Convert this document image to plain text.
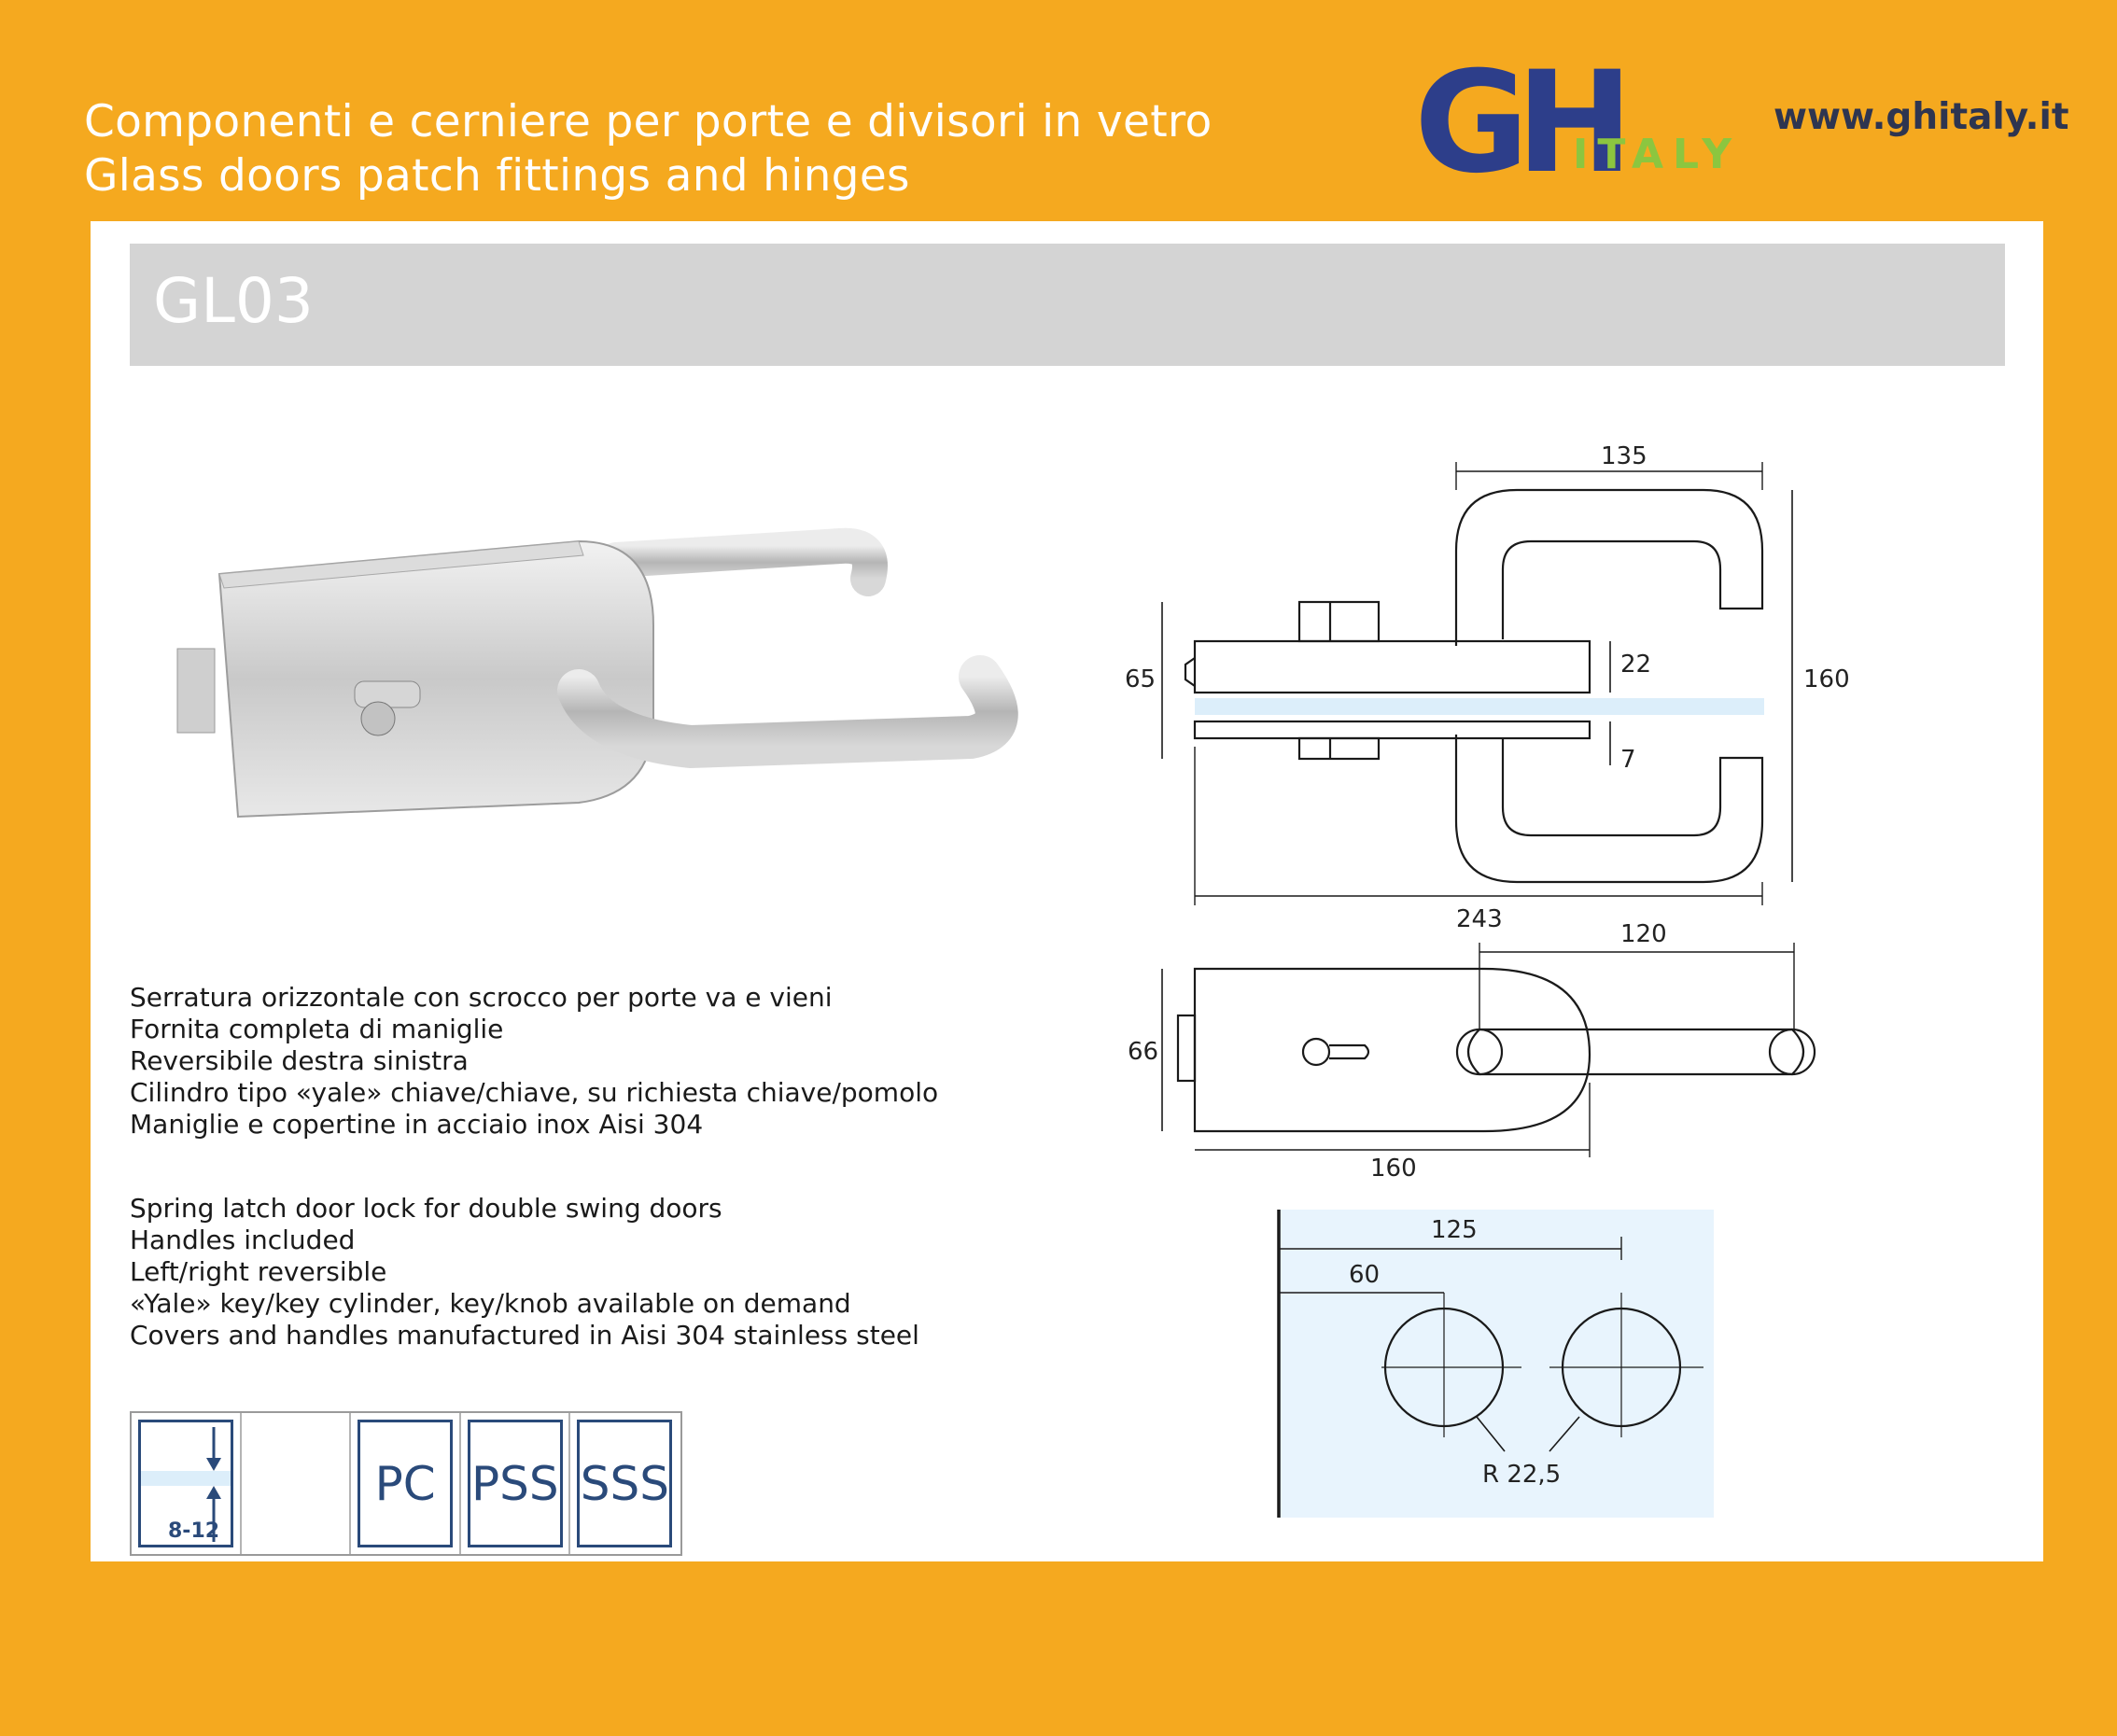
Componenti e cerniere per porte e divisori in vetro
Glass doors patch fittings and hinges	GH
ITALY
www.ghitaly.it
GL03
Serratura orizzontale con scrocco per porte va e vieni
Fornita completa di maniglie
Reversibile destra sinistra
Cilindro tipo «yale» chiave/chiave, su richiesta chiave/pomolo
Maniglie e copertine in acciaio inox Aisi 304
Spring latch door lock for double swing doors
Handles included
Left/right reversible
«Yale» key/key cylinder, key/knob available on demand
Covers and handles manufactured in Aisi 304 stainless steel
8-12
PC PSS SSS
135
160
65
22
7
243
120
66
160
125
60
R 22,5
